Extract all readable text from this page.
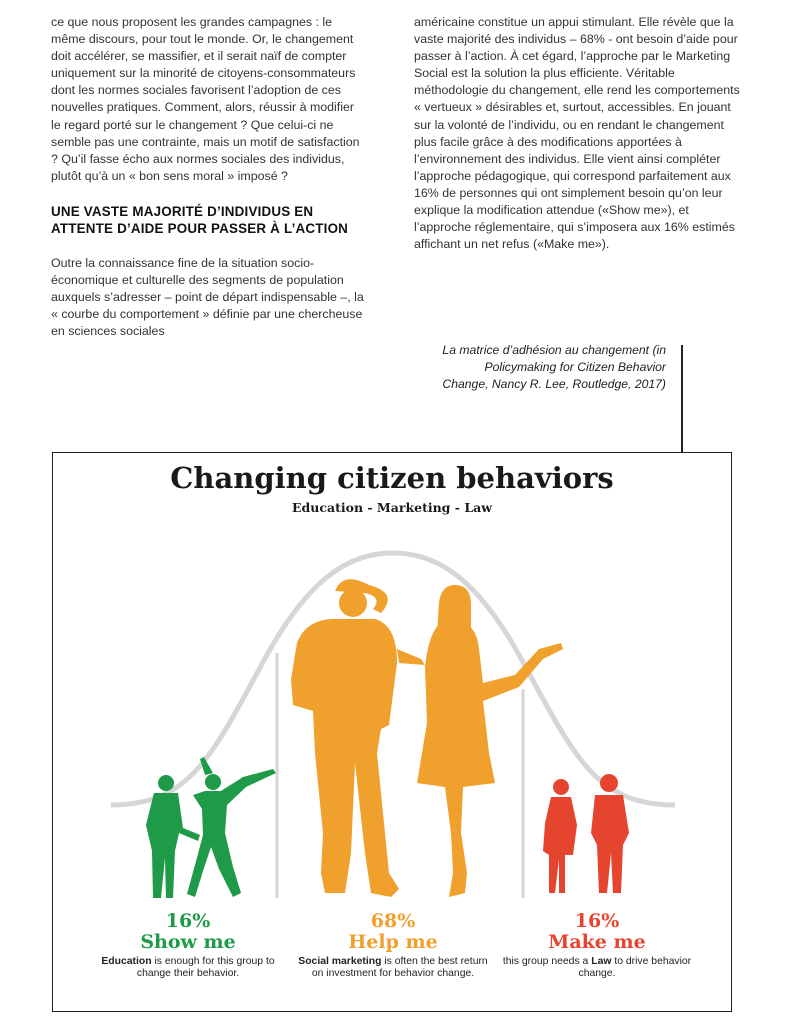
ce que nous proposent les grandes campagnes : le même discours, pour tout le monde. Or, le changement doit accélérer, se massifier, et il serait naïf de compter uniquement sur la minorité de citoyens-consommateurs dont les normes sociales favorisent l’adoption de ces nouvelles pratiques. Comment, alors, réussir à modifier le regard porté sur le changement ? Que celui-ci ne semble pas une contrainte, mais un motif de satisfaction ? Qu’il fasse écho aux normes sociales des individus, plutôt qu’à un « bon sens moral » imposé ?

UNE VASTE MAJORITÉ D’INDIVIDUS EN ATTENTE D’AIDE POUR PASSER À L’ACTION

Outre la connaissance fine de la situation socio-économique et culturelle des segments de population auxquels s’adresser – point de départ indispensable –, la « courbe du comportement » définie par une chercheuse en sciences sociales

américaine constitue un appui stimulant. Elle révèle que la vaste majorité des individus – 68% - ont besoin d’aide pour passer à l’action. À cet égard, l’approche par le Marketing Social est la solution la plus efficiente. Véritable méthodologie du changement, elle rend les comportements « vertueux » désirables et, surtout, accessibles. En jouant sur la volonté de l’individu, ou en rendant le changement plus facile grâce à des modifications apportées à l’environnement des individus. Elle vient ainsi compléter l’approche pédagogique, qui correspond parfaitement aux 16% de personnes qui ont simplement besoin qu’on leur explique la modification attendue («Show me»), et l’approche réglementaire, qui s’imposera aux 16% estimés affichant un net refus («Make me»).

La matrice d’adhésion au changement (in Policymaking for Citizen Behavior Change, Nancy R. Lee, Routledge, 2017)
Changing citizen behaviors
Education - Marketing - Law
16%
Show me
Education is enough for this group to change their behavior.
68%
Help me
Social marketing is often the best return on investment for behavior change.
16%
Make me
this group needs a Law to drive behavior change.
